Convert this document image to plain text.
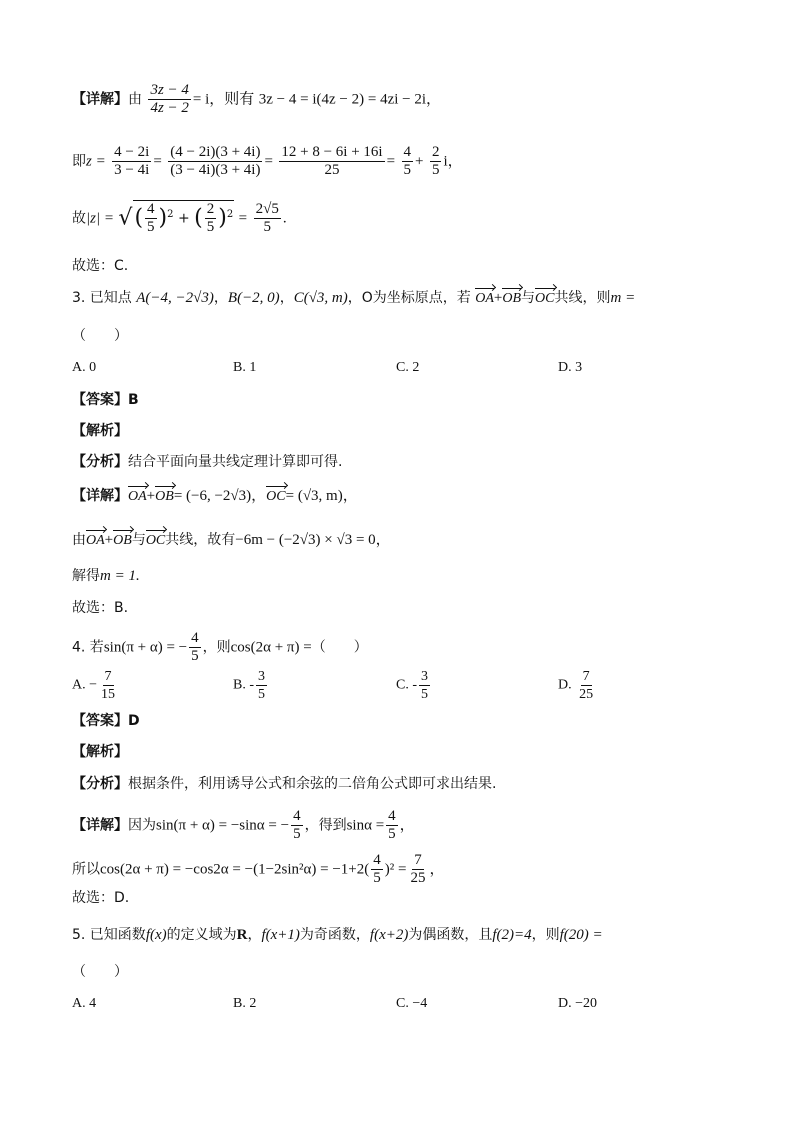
【详解】由 $\frac{3z - 4}{4z - 2} = i$，则有 3z − 4 = i(4z − 2) = 4zi − 2i，
即$z = \frac{4 - 2i}{3 - 4i} = \frac{(4 - 2i)(3 + 4i)}{(3 - 4i)(3 + 4i)} = \frac{12 + 8 - 6i + 16i}{25} = \frac{4}{5} + \frac{2}{5}$ i，
故|z| = √( $\frac{4}{5} )^2$ + ( $\frac{2}{5} )^2 = \frac{2√5}{5}$ .
故选：C.
3. 已知点 A(−4, −2√3)，B(−2, 0)，C(√3, m)，O为坐标原点，若 OA+OB与OC共线，则m =
（　　）
A. 0	B. 1	C. 2	D. 3
【答案】B
【解析】
【分析】结合平面向量共线定理计算即可得.
【详解】OA+OB= (−6, −2√3)，OC= (√3, m)，
由OA+OB与OC共线，故有−6m − (−2√3) × √3 = 0，
解得m = 1.
故选：B.
4. 若sin(π + α) = − $\frac{4}{5}$ ，则cos(2α + π) =（　　）
A. − $\frac{7}{15}$	B. - $\frac{3}{5}$	C. - $\frac{3}{5}$	D. $\frac{7}{25}$
【答案】D
【解析】
【分析】根据条件，利用诱导公式和余弦的二倍角公式即可求出结果.
【详解】因为sin(π + α) = −sinα = − $\frac{4}{5}$ ，得到$\sin\alpha = \frac{4}{5}$ ，
所以$\cos(2\alpha + \pi) = -\cos 2\alpha = -(1-2\sin^2\alpha) = -1+2( \frac{4}{5} )^2 = \frac{7}{25}$ ，
故选：D.
5. 已知函数f(x)的定义域为R，f(x+1)为奇函数，f(x+2)为偶函数，且f(2)=4，则f(20) =
（　　）
A. 4	B. 2	C. −4	D. −20
